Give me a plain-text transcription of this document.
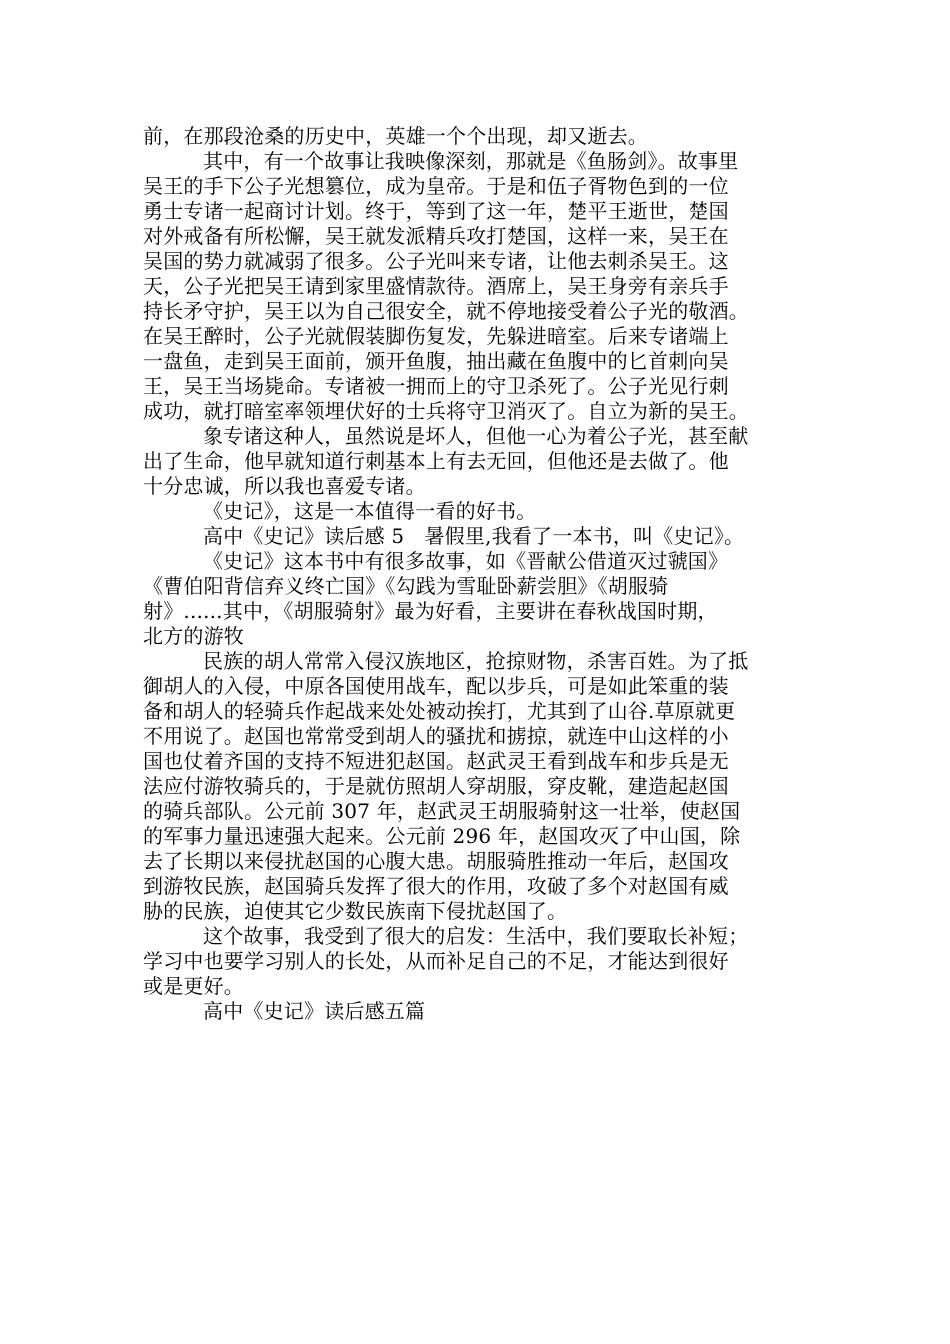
前，在那段沧桑的历史中，英雄一个个出现，却又逝去。
其中，有一个故事让我映像深刻，那就是《鱼肠剑》。故事里
吴王的手下公子光想篡位，成为皇帝。于是和伍子胥物色到的一位
勇士专诸一起商讨计划。终于，等到了这一年，楚平王逝世，楚国
对外戒备有所松懈，吴王就发派精兵攻打楚国，这样一来，吴王在
吴国的势力就减弱了很多。公子光叫来专诸，让他去刺杀吴王。这
天，公子光把吴王请到家里盛情款待。酒席上，吴王身旁有亲兵手
持长矛守护，吴王以为自己很安全，就不停地接受着公子光的敬酒。
在吴王醉时，公子光就假装脚伤复发，先躲进暗室。后来专诸端上
一盘鱼，走到吴王面前，颁开鱼腹，抽出藏在鱼腹中的匕首刺向吴
王，吴王当场毙命。专诸被一拥而上的守卫杀死了。公子光见行刺
成功，就打暗室率领埋伏好的士兵将守卫消灭了。自立为新的吴王。
象专诸这种人，虽然说是坏人，但他一心为着公子光，甚至献
出了生命，他早就知道行刺基本上有去无回，但他还是去做了。他
十分忠诚，所以我也喜爱专诸。
《史记》，这是一本值得一看的好书。
高中《史记》读后感 5　暑假里,我看了一本书，叫《史记》。
《史记》这本书中有很多故事，如《晋献公借道灭过虢国》
《曹伯阳背信弃义终亡国》《勾践为雪耻卧薪尝胆》《胡服骑
射》......其中，《胡服骑射》最为好看，主要讲在春秋战国时期，
北方的游牧
民族的胡人常常入侵汉族地区，抢掠财物，杀害百姓。为了抵
御胡人的入侵，中原各国使用战车，配以步兵，可是如此笨重的装
备和胡人的轻骑兵作起战来处处被动挨打，尤其到了山谷.草原就更
不用说了。赵国也常常受到胡人的骚扰和掳掠，就连中山这样的小
国也仗着齐国的支持不短进犯赵国。赵武灵王看到战车和步兵是无
法应付游牧骑兵的，于是就仿照胡人穿胡服，穿皮靴，建造起赵国
的骑兵部队。公元前 307 年，赵武灵王胡服骑射这一壮举，使赵国
的军事力量迅速强大起来。公元前 296 年，赵国攻灭了中山国，除
去了长期以来侵扰赵国的心腹大患。胡服骑胜推动一年后，赵国攻
到游牧民族，赵国骑兵发挥了很大的作用，攻破了多个对赵国有威
胁的民族，迫使其它少数民族南下侵扰赵国了。
这个故事，我受到了很大的启发：生活中，我们要取长补短；
学习中也要学习别人的长处，从而补足自己的不足，才能达到很好
或是更好。
高中《史记》读后感五篇
